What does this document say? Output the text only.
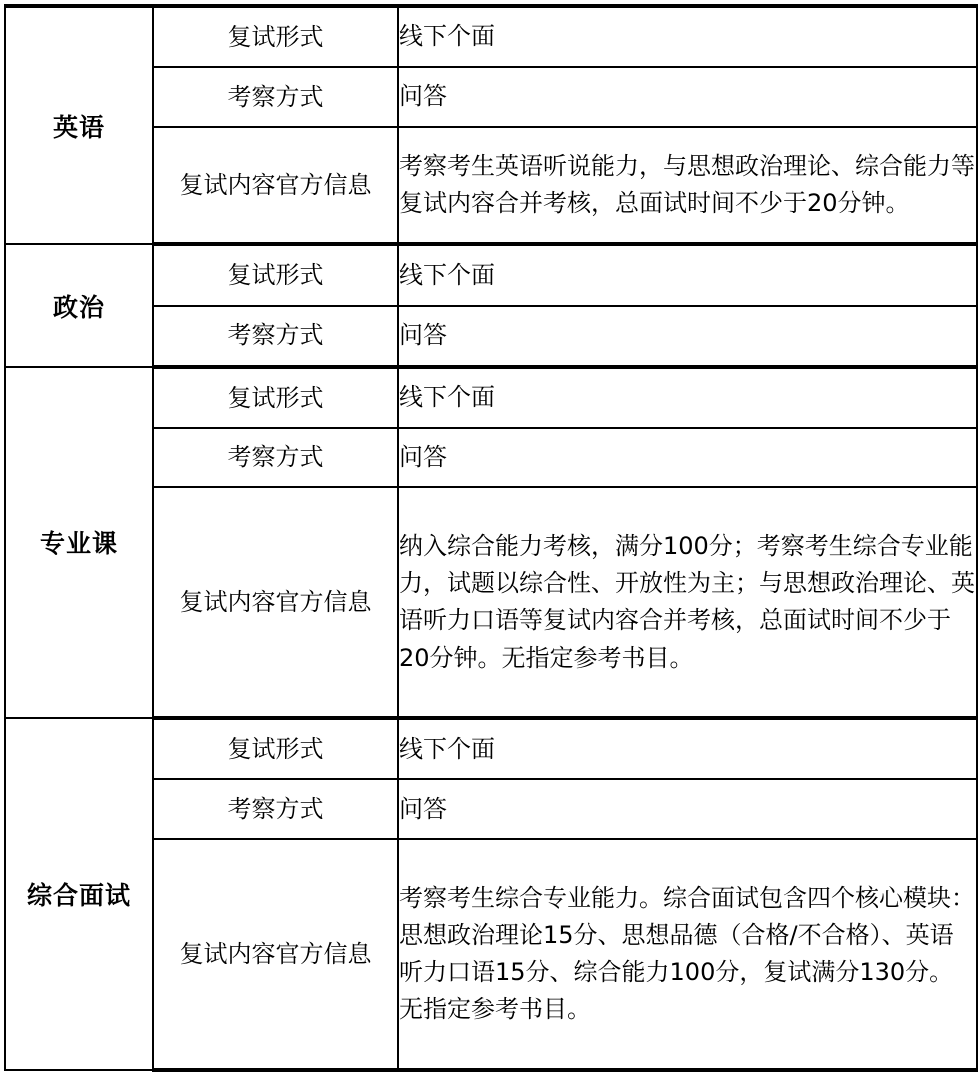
英语	复试形式	线下个面
	考察方式	问答
	复试内容官方信息	考察考生英语听说能力，与思想政治理论、综合能力等复试内容合并考核，总面试时间不少于20分钟。
政治	复试形式	线下个面
	考察方式	问答
专业课	复试形式	线下个面
	考察方式	问答
	复试内容官方信息	纳入综合能力考核，满分100分；考察考生综合专业能力，试题以综合性、开放性为主；与思想政治理论、英语听力口语等复试内容合并考核，总面试时间不少于20分钟。无指定参考书目。
综合面试	复试形式	线下个面
	考察方式	问答
	复试内容官方信息	考察考生综合专业能力。综合面试包含四个核心模块：思想政治理论15分、思想品德（合格/不合格）、英语听力口语15分、综合能力100分，复试满分130分。无指定参考书目。
